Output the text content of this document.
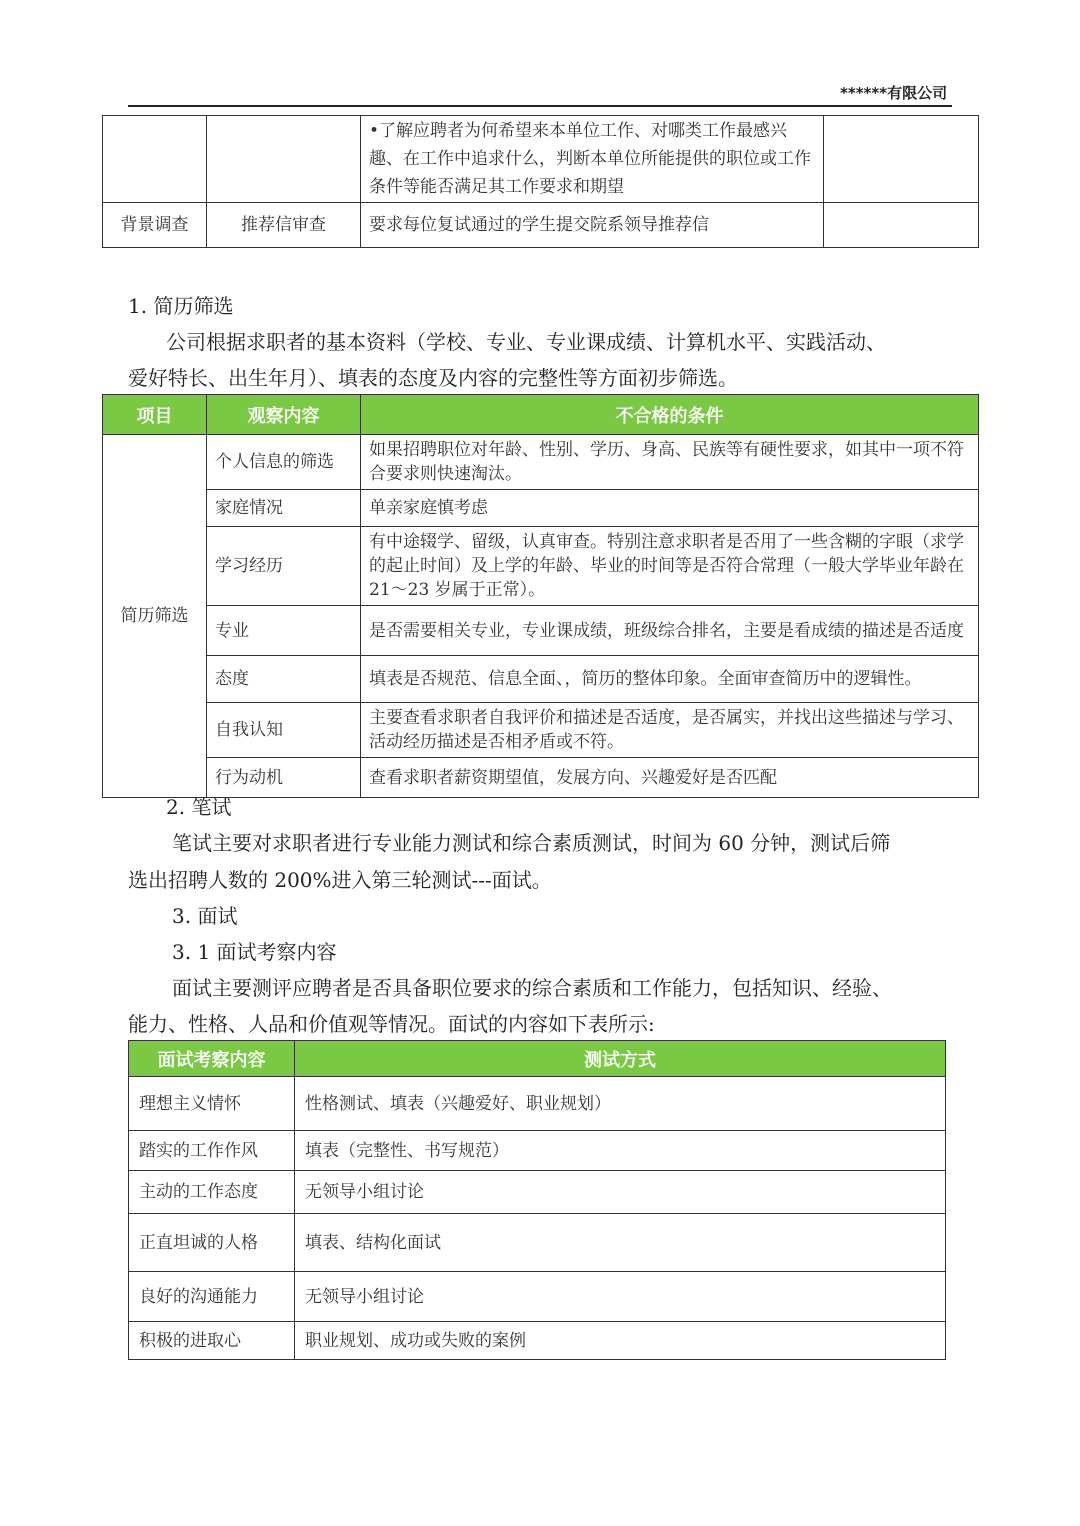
******有限公司
		•了解应聘者为何希望来本单位工作、对哪类工作最感兴趣、在工作中追求什么，判断本单位所能提供的职位或工作条件等能否满足其工作要求和期望	
背景调查	推荐信审查	要求每位复试通过的学生提交院系领导推荐信	
1. 简历筛选
公司根据求职者的基本资料（学校、专业、专业课成绩、计算机水平、实践活动、
爱好特长、出生年月）、填表的态度及内容的完整性等方面初步筛选。
项目	观察内容	不合格的条件
简历筛选	个人信息的筛选	如果招聘职位对年龄、性别、学历、身高、民族等有硬性要求，如其中一项不符合要求则快速淘汰。
	家庭情况	单亲家庭慎考虑
	学习经历	有中途辍学、留级，认真审查。特别注意求职者是否用了一些含糊的字眼（求学的起止时间）及上学的年龄、毕业的时间等是否符合常理（一般大学毕业年龄在 21～23 岁属于正常）。
	专业	是否需要相关专业，专业课成绩，班级综合排名，主要是看成绩的描述是否适度
	态度	填表是否规范、信息全面、，简历的整体印象。全面审查简历中的逻辑性。
	自我认知	主要查看求职者自我评价和描述是否适度，是否属实，并找出这些描述与学习、活动经历描述是否相矛盾或不符。
	行为动机	查看求职者薪资期望值，发展方向、兴趣爱好是否匹配
2. 笔试
笔试主要对求职者进行专业能力测试和综合素质测试，时间为 60 分钟，测试后筛
选出招聘人数的 200%进入第三轮测试---面试。
3. 面试
3. 1 面试考察内容
面试主要测评应聘者是否具备职位要求的综合素质和工作能力，包括知识、经验、
能力、性格、人品和价值观等情况。面试的内容如下表所示:
面试考察内容	测试方式
理想主义情怀	性格测试、填表（兴趣爱好、职业规划）
踏实的工作作风	填表（完整性、书写规范）
主动的工作态度	无领导小组讨论
正直坦诚的人格	填表、结构化面试
良好的沟通能力	无领导小组讨论
积极的进取心	职业规划、成功或失败的案例
